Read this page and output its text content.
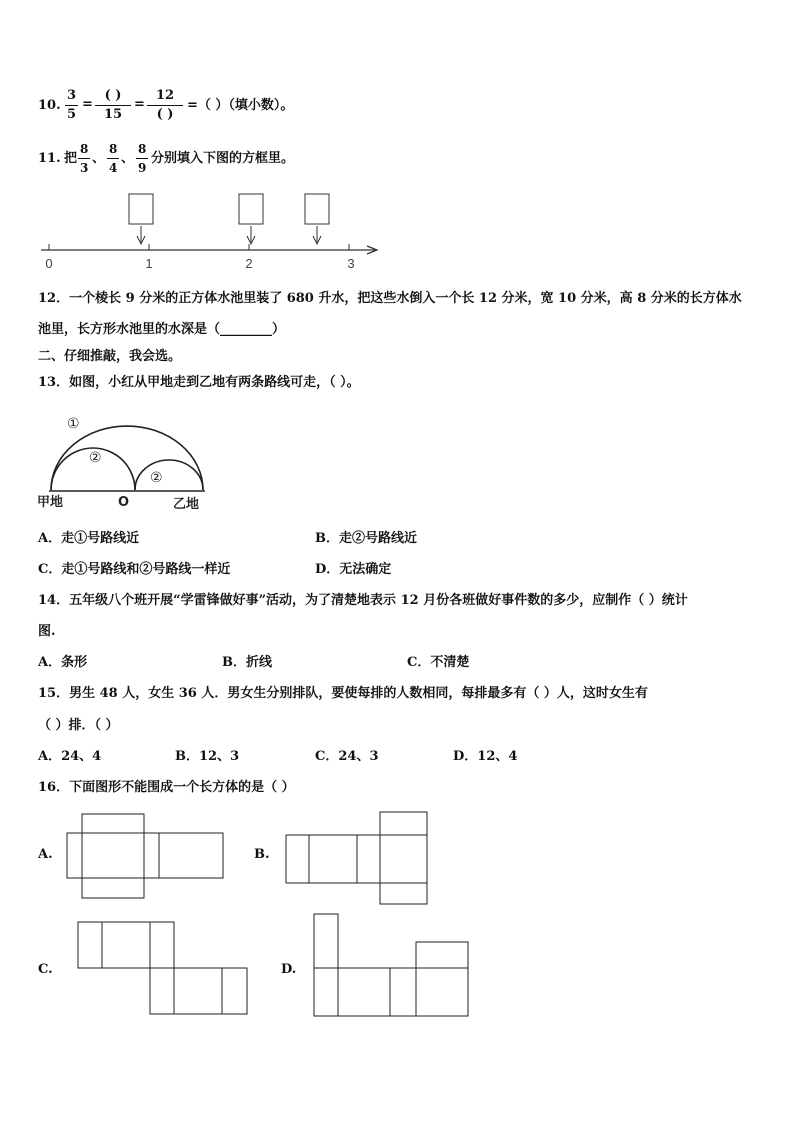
10.
3
5
=
( )
15
=
12
( )
=（ ）（填小数）。
11. 把
8
3
、
8
4
、
8
9
分别填入下图的方框里。
0	1	2	3
12．一个棱长 9 分米的正方体水池里装了 680 升水，把这些水倒入一个长 12 分米，宽 10 分米，高 8 分米的长方体水
池里，长方形水池里的水深是（________）
二、仔细推敲，我会选。
13．如图，小红从甲地走到乙地有两条路线可走，（ ）。
①
②
②
甲地	O	乙地
A．走①号路线近	B．走②号路线近
C．走①号路线和②号路线一样近	D．无法确定
14．五年级八个班开展“学雷锋做好事”活动，为了清楚地表示 12 月份各班做好事件数的多少，应制作（ ）统计
图.
A．条形	B．折线	C．不清楚
15．男生 48 人，女生 36 人．男女生分别排队，要使每排的人数相同，每排最多有（ ）人，这时女生有
（ ）排．（ ）
A．24、4	B．12、3	C．24、3	D．12、4
16．下面图形不能围成一个长方体的是（ ）
A.	B.
C.	D.
